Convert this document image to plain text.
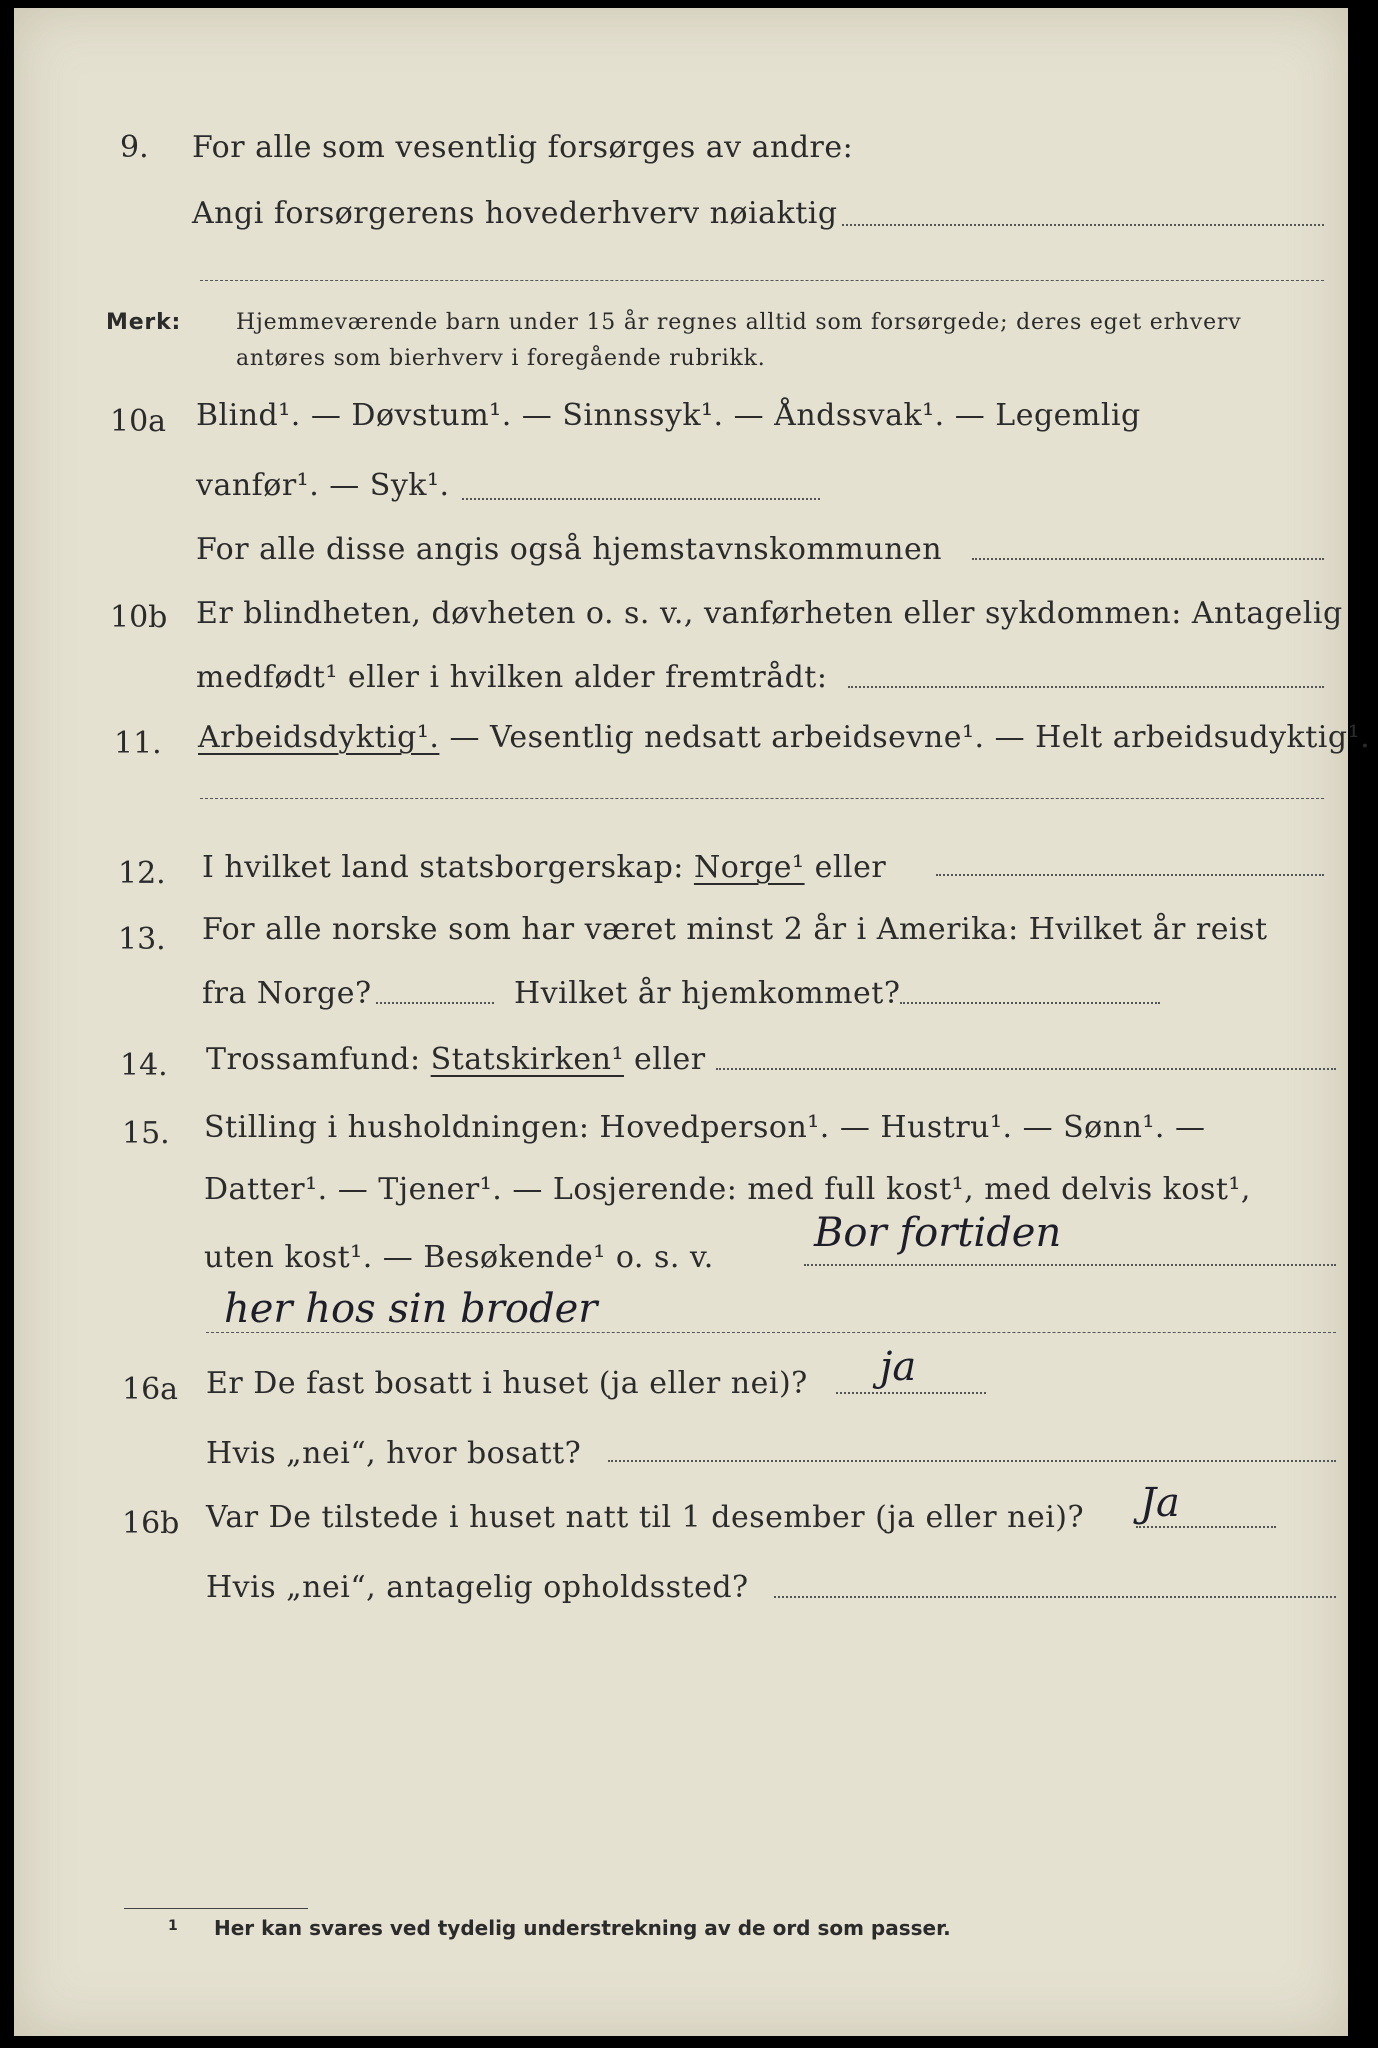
9. For alle som vesentlig forsørges av andre:
Angi forsørgerens hovederhverv nøiaktig
Merk: Hjemmeværende barn under 15 år regnes alltid som forsørgede; deres eget erhverv
antøres som bierhverv i foregående rubrikk.
10a Blind¹. — Døvstum¹. — Sinnssyk¹. — Åndssvak¹. — Legemlig
vanfør¹. — Syk¹.
For alle disse angis også hjemstavnskommunen
10b Er blindheten, døvheten o. s. v., vanførheten eller sykdommen: Antagelig
medfødt¹ eller i hvilken alder fremtrådt:
11. Arbeidsdyktig¹. — Vesentlig nedsatt arbeidsevne¹. — Helt arbeidsudyktig¹.
12. I hvilket land statsborgerskap: Norge¹ eller
13. For alle norske som har været minst 2 år i Amerika: Hvilket år reist
fra Norge?	Hvilket år hjemkommet?
14. Trossamfund: Statskirken¹ eller
15. Stilling i husholdningen: Hovedperson¹. — Hustru¹. — Sønn¹. —
Datter¹. — Tjener¹. — Losjerende: med full kost¹, med delvis kost¹,
uten kost¹. — Besøkende¹ o. s. v.
Bor fortiden
her hos sin broder
16a Er De fast bosatt i huset (ja eller nei)? ja
Hvis „nei“, hvor bosatt?
16b Var De tilstede i huset natt til 1 desember (ja eller nei)? Ja
Hvis „nei“, antagelig opholdssted?
1 Her kan svares ved tydelig understrekning av de ord som passer.
